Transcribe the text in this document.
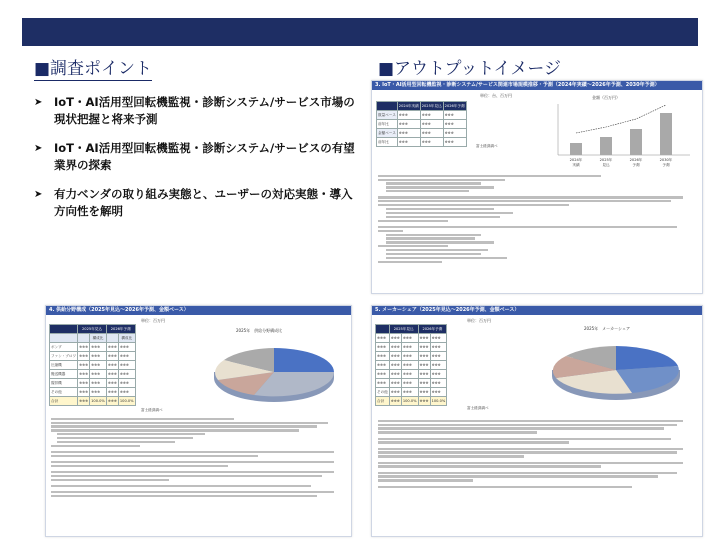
■調査ポイント	■アウトプットイメージ
➤ IoT・AI活用型回転機監視・診断システム/サービス市場の現状把握と将来予測
➤ IoT・AI活用型回転機監視・診断システム/サービスの有望業界の探索
➤ 有力ベンダの取り組み実態と、ユーザーの対応実態・導入方向性を解明
3. IoT・AI活用型回転機監視・診断システム/サービス関連市場規模推移・予測（2024年実績～2026年予測、2030年予測）
単位：台、百万円
	2024年実績	2025年見込	2026年予測
数量ベース	※※※	※※※	※※※
前年比	※※※	※※※	※※※
金額ベース	※※※	※※※	※※※
前年比	※※※	※※※	※※※
富士経済調べ
金額（百万円）
2024年	2025年	2026年	2030年
実績	見込	予測	予測
4. 供給分野構成（2025年見込～2026年予測、金額ベース）
単位：百万円
	2025年見込		2026年予測	
		構成比		構成比
ポンプ	※※※	※※※	※※※	※※※
ファン・ブロワ	※※※	※※※	※※※	※※※
圧縮機	※※※	※※※	※※※	※※※
搬送機器	※※※	※※※	※※※	※※※
攪拌機	※※※	※※※	※※※	※※※
その他	※※※	※※※	※※※	※※※
合計	※※※	100.0%	※※※	100.0%
富士経済調べ
2025年　供給分野構成比
5. メーカーシェア（2025年見込～2026年予測、金額ベース）
単位：百万円
	2025年見込		2026年予測	
※※※	※※※	※※※	※※※	※※※
※※※	※※※	※※※	※※※	※※※
※※※	※※※	※※※	※※※	※※※
※※※	※※※	※※※	※※※	※※※
※※※	※※※	※※※	※※※	※※※
※※※	※※※	※※※	※※※	※※※
その他	※※※	※※※	※※※	※※※
合計	※※※	100.0%	※※※	100.0%
富士経済調べ
2025年　メーカーシェア
